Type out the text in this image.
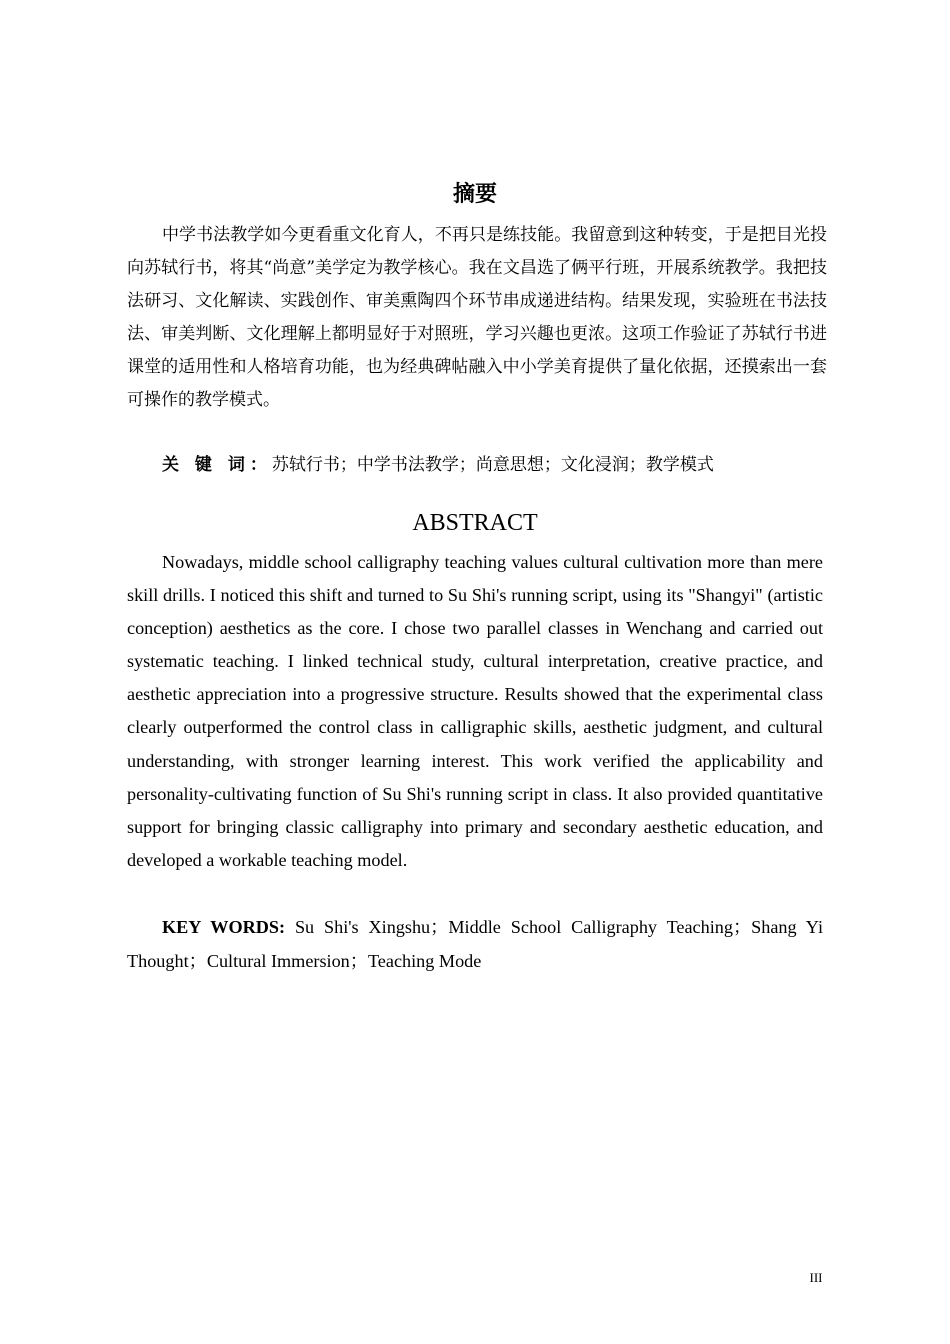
摘要

中学书法教学如今更看重文化育人，不再只是练技能。我留意到这种转变，于是把目光投向苏轼行书，将其“尚意”美学定为教学核心。我在文昌选了俩平行班，开展系统教学。我把技法研习、文化解读、实践创作、审美熏陶四个环节串成递进结构。结果发现，实验班在书法技法、审美判断、文化理解上都明显好于对照班，学习兴趣也更浓。这项工作验证了苏轼行书进课堂的适用性和人格培育功能，也为经典碑帖融入中小学美育提供了量化依据，还摸索出一套可操作的教学模式。

关 键 词：苏轼行书；中学书法教学；尚意思想；文化浸润；教学模式
ABSTRACT

Nowadays, middle school calligraphy teaching values cultural cultivation more than mere skill drills. I noticed this shift and turned to Su Shi's running script, using its "Shangyi" (artistic conception) aesthetics as the core. I chose two parallel classes in Wenchang and carried out systematic teaching. I linked technical study, cultural interpretation, creative practice, and aesthetic appreciation into a progressive structure. Results showed that the experimental class clearly outperformed the control class in calligraphic skills, aesthetic judgment, and cultural understanding, with stronger learning interest. This work verified the applicability and personality-cultivating function of Su Shi's running script in class. It also provided quantitative support for bringing classic calligraphy into primary and secondary aesthetic education, and developed a workable teaching model.

KEY WORDS: Su Shi's Xingshu；Middle School Calligraphy Teaching；Shang Yi Thought；Cultural Immersion；Teaching Mode

III
